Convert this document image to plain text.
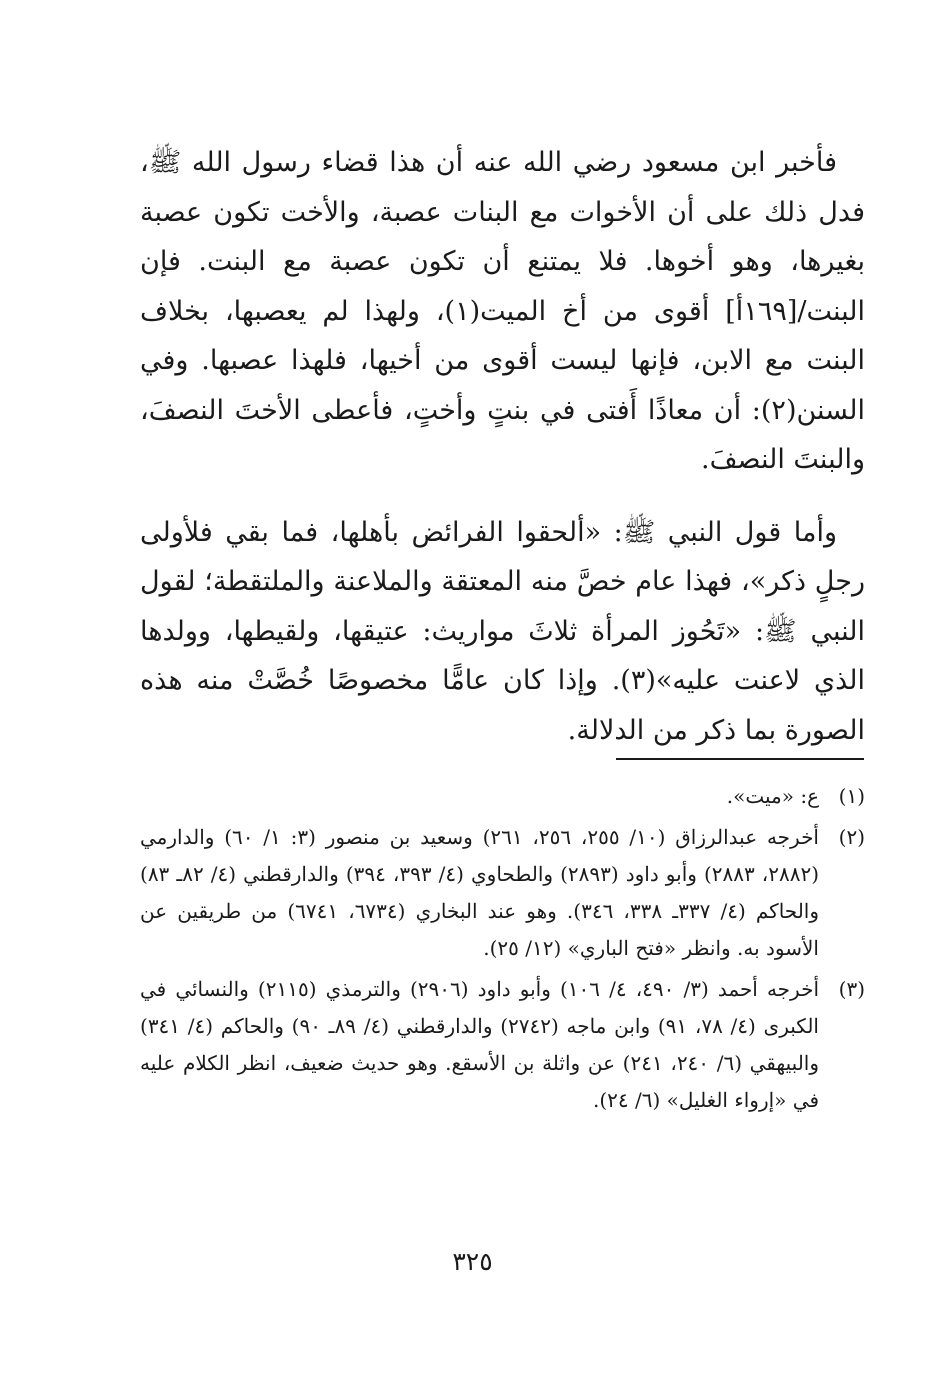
فأخبر ابن مسعود رضي الله عنه أن هذا قضاء رسول الله ﷺ، فدل ذلك على أن الأخوات مع البنات عصبة، والأخت تكون عصبة بغيرها، وهو أخوها. فلا يمتنع أن تكون عصبة مع البنت. فإن البنت/[١٦٩أ] أقوى من أخ الميت(١)، ولهذا لم يعصبها، بخلاف البنت مع الابن، فإنها ليست أقوى من أخيها، فلهذا عصبها. وفي السنن(٢): أن معاذًا أَفتى في بنتٍ وأختٍ، فأعطى الأختَ النصفَ، والبنتَ النصفَ.

وأما قول النبي ﷺ: «ألحقوا الفرائض بأهلها، فما بقي فلأولى رجلٍ ذكر»، فهذا عام خصَّ منه المعتقة والملاعنة والملتقطة؛ لقول النبي ﷺ: «تَحُوز المرأة ثلاثَ مواريث: عتيقها، ولقيطها، وولدها الذي لاعنت عليه»(٣). وإذا كان عامًّا مخصوصًا خُصَّتْ منه هذه الصورة بما ذكر من الدلالة.

(١)
ع: «ميت».
(٢)
أخرجه عبدالرزاق (١٠/ ٢٥٥، ٢٥٦، ٢٦١) وسعيد بن منصور (٣: ١/ ٦٠) والدارمي (٢٨٨٢، ٢٨٨٣) وأبو داود (٢٨٩٣) والطحاوي (٤/ ٣٩٣، ٣٩٤) والدارقطني (٤/ ٨٢ـ ٨٣) والحاكم (٤/ ٣٣٧ـ ٣٣٨، ٣٤٦). وهو عند البخاري (٦٧٣٤، ٦٧٤١) من طريقين عن الأسود به. وانظر «فتح الباري» (١٢/ ٢٥).
(٣)
أخرجه أحمد (٣/ ٤٩٠، ٤/ ١٠٦) وأبو داود (٢٩٠٦) والترمذي (٢١١٥) والنسائي في الكبرى (٤/ ٧٨، ٩١) وابن ماجه (٢٧٤٢) والدارقطني (٤/ ٨٩ـ ٩٠) والحاكم (٤/ ٣٤١) والبيهقي (٦/ ٢٤٠، ٢٤١) عن واثلة بن الأسقع. وهو حديث ضعيف، انظر الكلام عليه في «إرواء الغليل» (٦/ ٢٤).
٣٢٥
